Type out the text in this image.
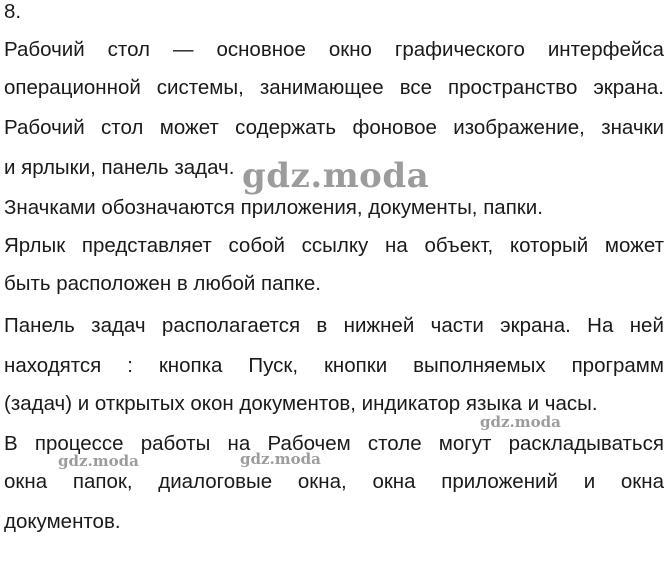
8.
Рабочий стол — основное окно графического интерфейса
операционной системы, занимающее все пространство экрана.
Рабочий стол может содержать фоновое изображение, значки
и ярлыки, панель задач.
Значками обозначаются приложения, документы, папки.
Ярлык представляет собой ссылку на объект, который может
быть расположен в любой папке.
Панель задач располагается в нижней части экрана. На ней
находятся : кнопка Пуск, кнопки выполняемых программ
(задач) и открытых окон документов, индикатор языка и часы.
В процессе работы на Рабочем столе могут раскладываться
окна папок, диалоговые окна, окна приложений и окна
документов.
gdz.moda
gdz.moda
gdz.moda	gdz.moda
